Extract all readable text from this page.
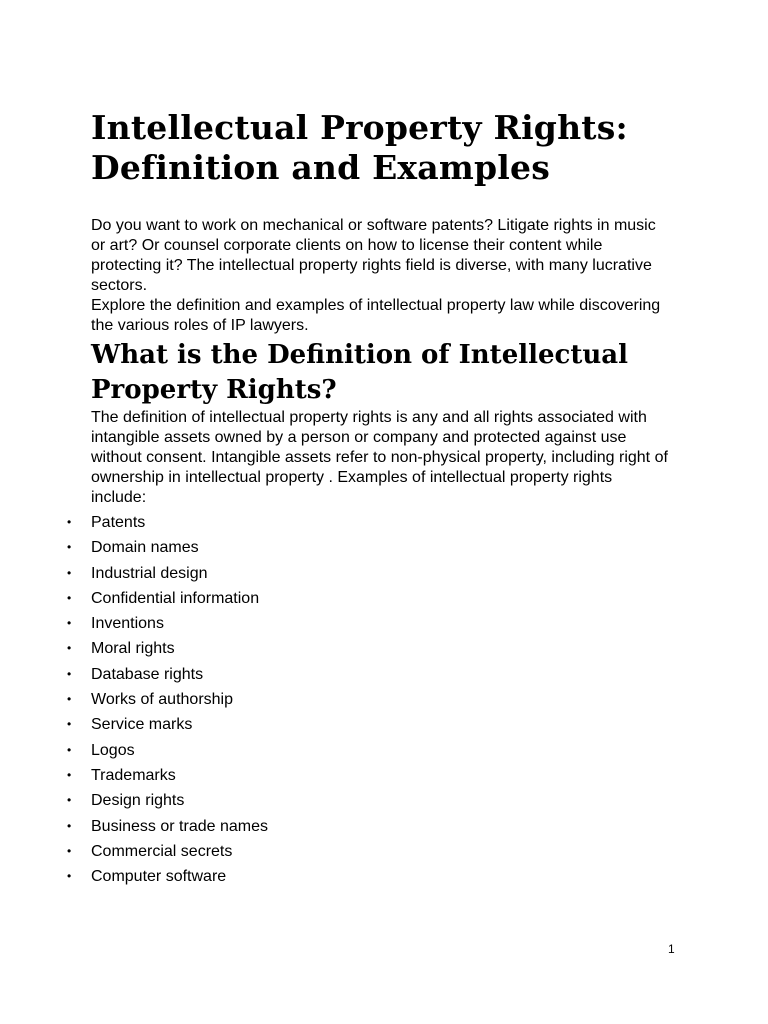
Intellectual Property Rights:
Definition and Examples

Do you want to work on mechanical or software patents? Litigate rights in music or art? Or counsel corporate clients on how to license their content while protecting it? The intellectual property rights field is diverse, with many lucrative sectors.

Explore the definition and examples of intellectual property law while discovering the various roles of IP lawyers.

What is the Definition of Intellectual Property Rights?

The definition of intellectual property rights is any and all rights associated with intangible assets owned by a person or company and protected against use without consent. Intangible assets refer to non-physical property, including right of ownership in intellectual property . Examples of intellectual property rights include:

• Patents
• Domain names
• Industrial design
• Confidential information
• Inventions
• Moral rights
• Database rights
• Works of authorship
• Service marks
• Logos
• Trademarks
• Design rights
• Business or trade names
• Commercial secrets
• Computer software
1
